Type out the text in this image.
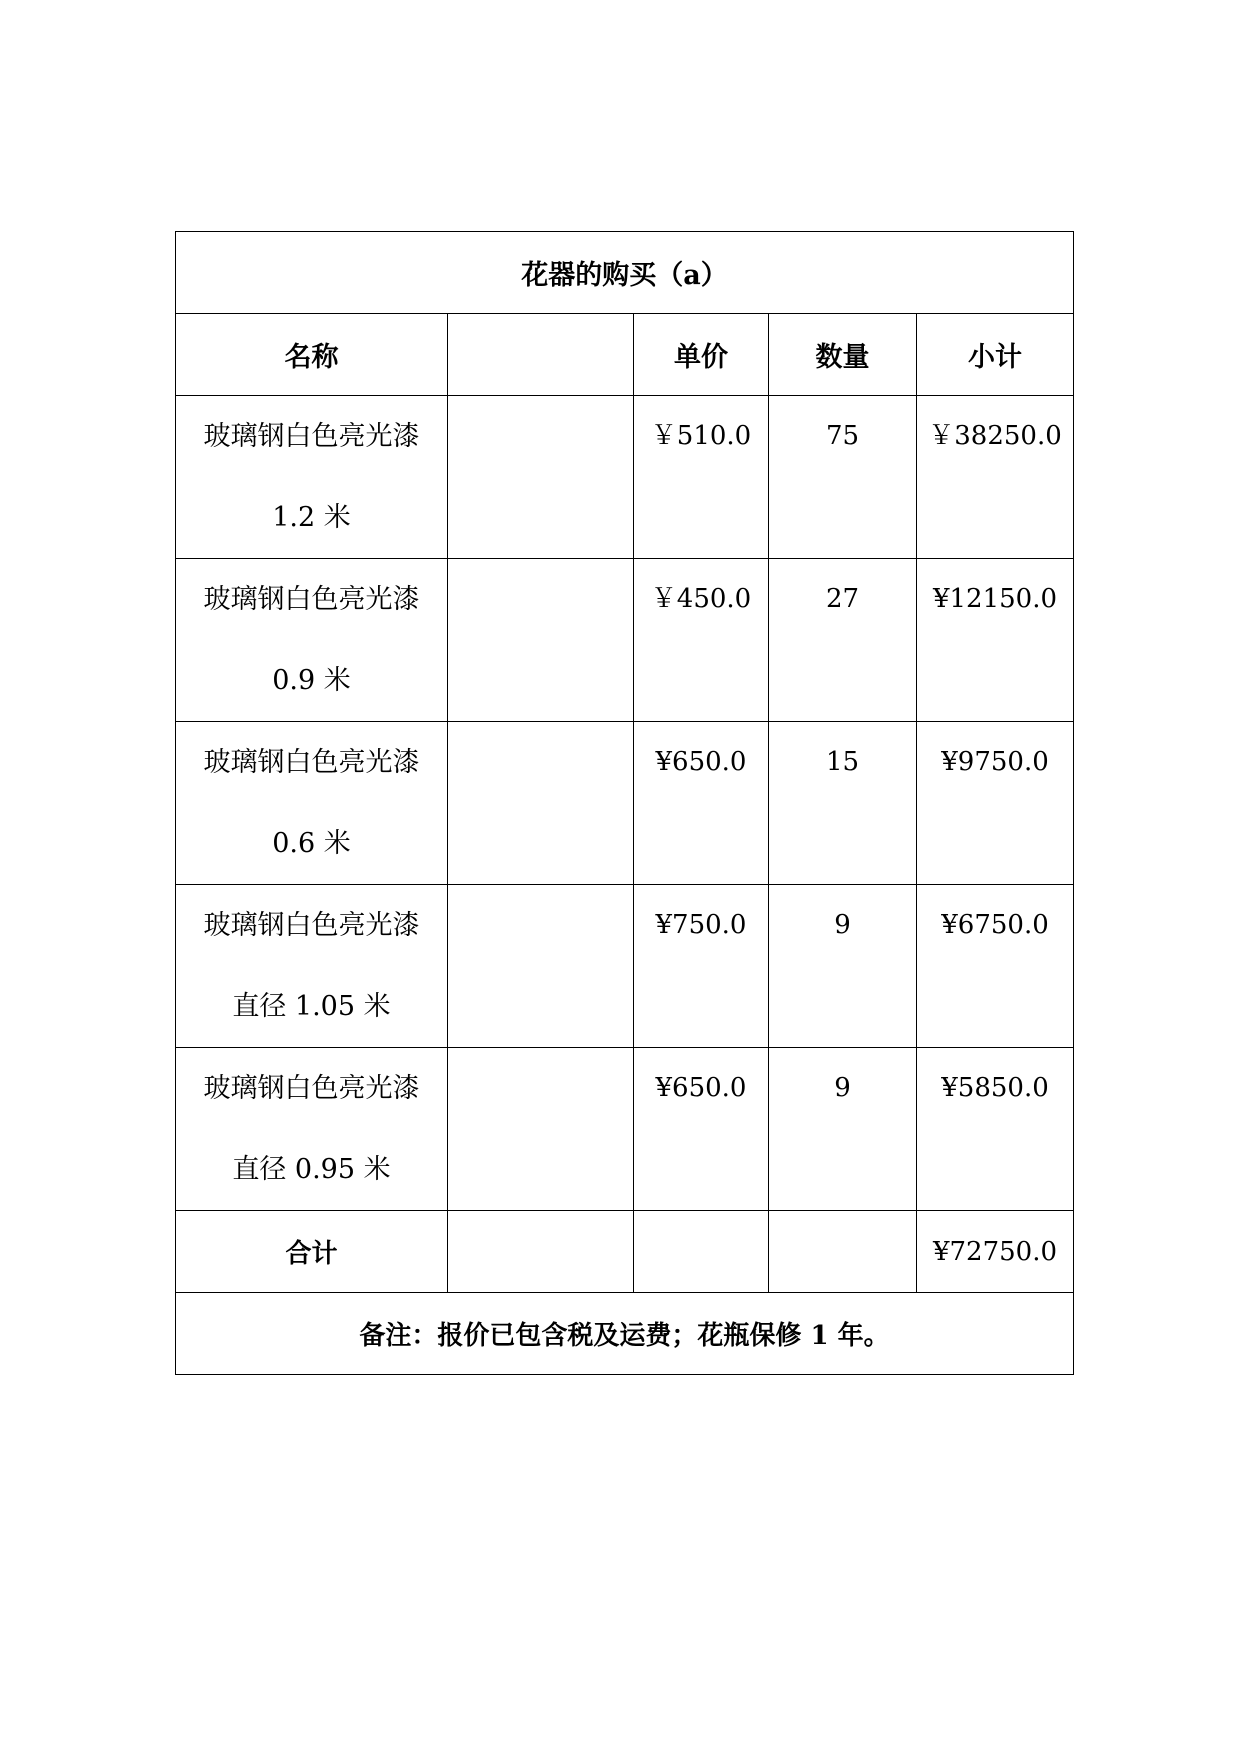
花器的购买（a）				
名称		单价	数量	小计

玻璃钢白色亮光漆
1.2 米		￥510.0	75	￥38250.0

玻璃钢白色亮光漆
0.9 米		￥450.0	27	¥12150.0

玻璃钢白色亮光漆
0.6 米		¥650.0	15	¥9750.0

玻璃钢白色亮光漆
直径 1.05 米		¥750.0	9	¥6750.0

玻璃钢白色亮光漆
直径 0.95 米		¥650.0	9	¥5850.0
合计				¥72750.0
备注：报价已包含税及运费；花瓶保修 1 年。				
